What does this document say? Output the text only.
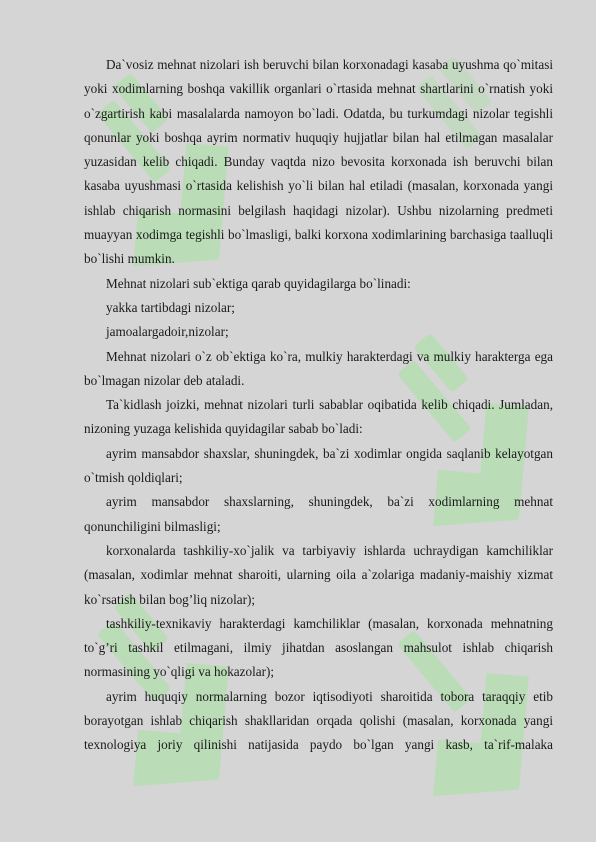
Da`vosiz mehnat nizolari ish beruvchi bilan korxonadagi kasaba uyushma qo`mitasi yoki xodimlarning boshqa vakillik organlari o`rtasida mehnat shartlarini o`rnatish yoki o`zgartirish kabi masalalarda namoyon bo`ladi. Odatda, bu turkumdagi nizolar tegishli qonunlar yoki boshqa ayrim normativ huquqiy hujjatlar bilan hal etilmagan masalalar yuzasidan kelib chiqadi. Bunday vaqtda nizo bevosita korxonada ish beruvchi bilan kasaba uyushmasi o`rtasida kelishish yo`li bilan hal etiladi (masalan, korxonada yangi ishlab chiqarish normasini belgilash haqidagi nizolar). Ushbu nizolarning predmeti muayyan xodimga tegishli bo`lmasligi, balki korxona xodimlarining barchasiga taalluqli bo`lishi mumkin.

Mehnat nizolari sub`ektiga qarab quyidagilarga bo`linadi:

yakka tartibdagi nizolar;

jamoalargadoir,nizolar;

Mehnat nizolari o`z ob`ektiga ko`ra, mulkiy harakterdagi va mulkiy harakterga ega bo`lmagan nizolar deb ataladi.

Ta`kidlash joizki, mehnat nizolari turli sabablar oqibatida kelib chiqadi. Jumladan, nizoning yuzaga kelishida quyidagilar sabab bo`ladi:

ayrim mansabdor shaxslar, shuningdek, ba`zi xodimlar ongida saqlanib kelayotgan o`tmish qoldiqlari;

ayrim mansabdor shaxslarning, shuningdek, ba`zi xodimlarning mehnat qonunchiligini bilmasligi;

korxonalarda tashkiliy-xo`jalik va tarbiyaviy ishlarda uchraydigan kamchiliklar (masalan, xodimlar mehnat sharoiti, ularning oila a`zolariga madaniy-maishiy xizmat ko`rsatish bilan bog’liq nizolar);

tashkiliy-texnikaviy harakterdagi kamchiliklar (masalan, korxonada mehnatning to`g’ri tashkil etilmagani, ilmiy jihatdan asoslangan mahsulot ishlab chiqarish normasining yo`qligi va hokazolar);

ayrim huquqiy normalarning bozor iqtisodiyoti sharoitida tobora taraqqiy etib borayotgan ishlab chiqarish shakllaridan orqada qolishi (masalan, korxonada yangi texnologiya joriy qilinishi natijasida paydo bo`lgan yangi kasb, ta`rif-malaka
